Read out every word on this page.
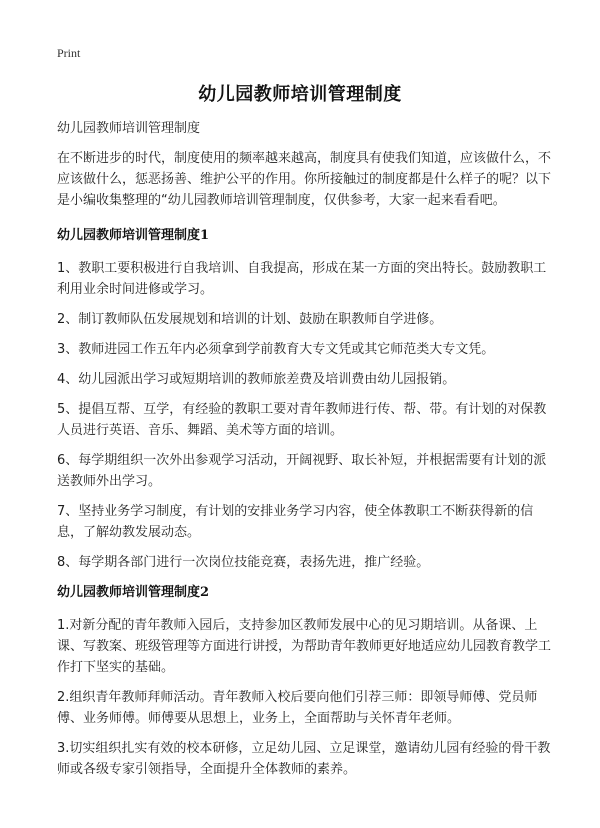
Print
幼儿园教师培训管理制度

幼儿园教师培训管理制度

在不断进步的时代，制度使用的频率越来越高，制度具有使我们知道，应该做什么，不应该做什么，惩恶扬善、维护公平的作用。你所接触过的制度都是什么样子的呢？以下是小编收集整理的“幼儿园教师培训管理制度，仅供参考，大家一起来看看吧。

幼儿园教师培训管理制度1

1、教职工要积极进行自我培训、自我提高，形成在某一方面的突出特长。鼓励教职工利用业余时间进修或学习。

2、制订教师队伍发展规划和培训的计划、鼓励在职教师自学进修。

3、教师进园工作五年内必须拿到学前教育大专文凭或其它师范类大专文凭。

4、幼儿园派出学习或短期培训的教师旅差费及培训费由幼儿园报销。

5、提倡互帮、互学，有经验的教职工要对青年教师进行传、帮、带。有计划的对保教人员进行英语、音乐、舞蹈、美术等方面的培训。

6、每学期组织一次外出参观学习活动，开阔视野、取长补短，并根据需要有计划的派送教师外出学习。

7、坚持业务学习制度，有计划的安排业务学习内容，使全体教职工不断获得新的信息，了解幼教发展动态。

8、每学期各部门进行一次岗位技能竞赛，表扬先进，推广经验。

幼儿园教师培训管理制度2

1.对新分配的青年教师入园后，支持参加区教师发展中心的见习期培训。从备课、上课、写教案、班级管理等方面进行讲授，为帮助青年教师更好地适应幼儿园教育教学工作打下坚实的基础。

2.组织青年教师拜师活动。青年教师入校后要向他们引荐三师：即领导师傅、党员师傅、业务师傅。师傅要从思想上，业务上，全面帮助与关怀青年老师。

3.切实组织扎实有效的校本研修，立足幼儿园、立足课堂，邀请幼儿园有经验的骨干教师或各级专家引领指导，全面提升全体教师的素养。
